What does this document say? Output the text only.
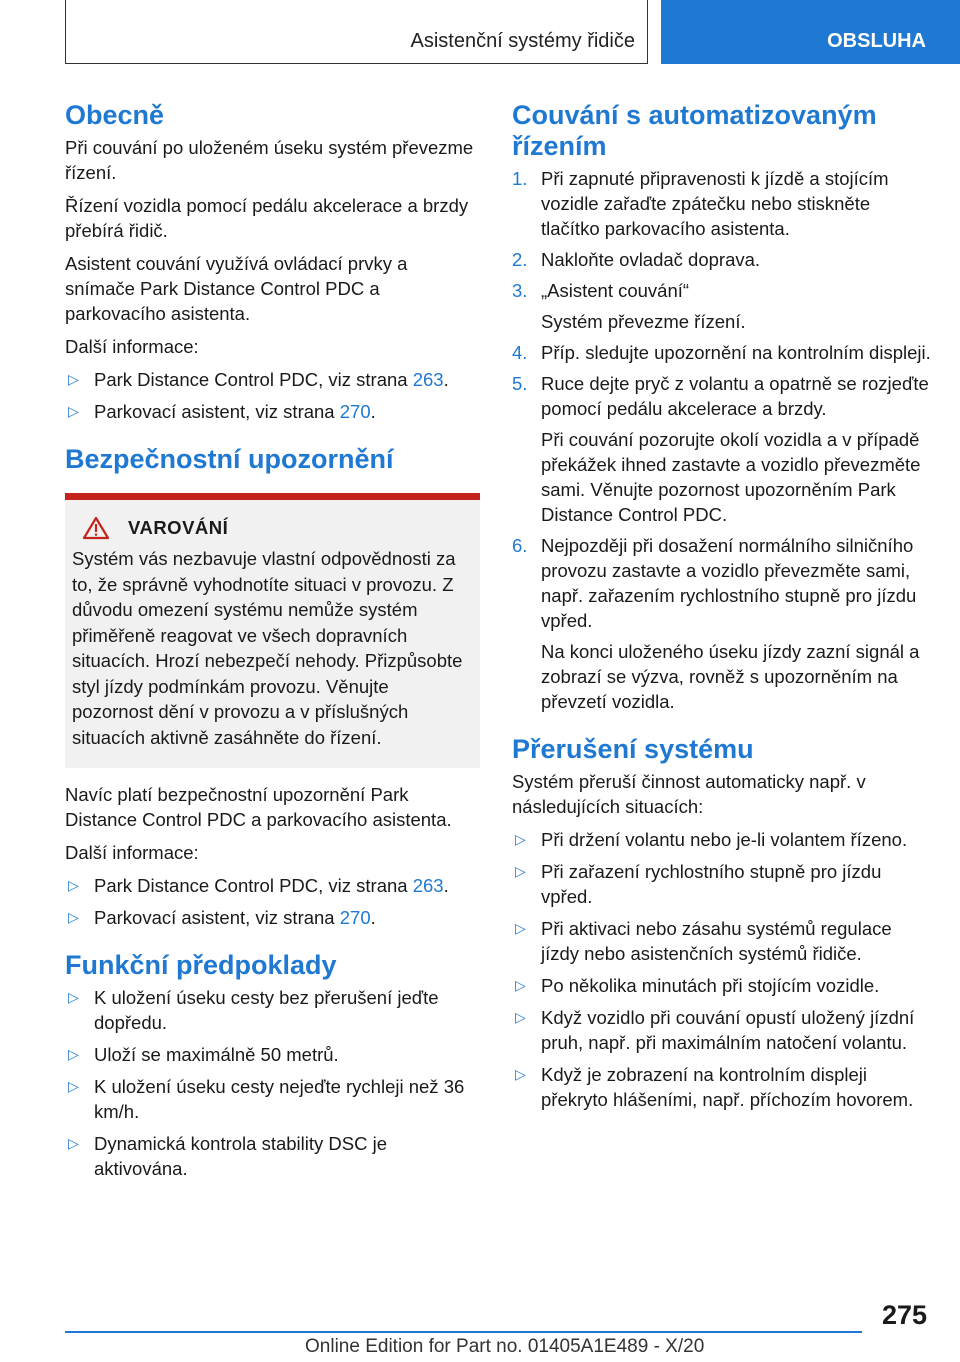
Asistenční systémy řidiče	OBSLUHA
Obecně

Při couvání po uloženém úseku systém převezme řízení.

Řízení vozidla pomocí pedálu akcelerace a brzdy přebírá řidič.

Asistent couvání využívá ovládací prvky a snímače Park Distance Control PDC a parkovacího asistenta.

Další informace:

▷ Park Distance Control PDC, viz strana 263.
▷ Parkovací asistent, viz strana 270.
Bezpečnostní upozornění
VAROVÁNÍ

Systém vás nezbavuje vlastní odpovědnosti za to, že správně vyhodnotíte situaci v provozu. Z důvodu omezení systému nemůže systém přiměřeně reagovat ve všech dopravních situacích. Hrozí nebezpečí nehody. Přizpůsobte styl jízdy podmínkám provozu. Věnujte pozornost dění v provozu a v příslušných situacích aktivně zasáhněte do řízení.

Navíc platí bezpečnostní upozornění Park Distance Control PDC a parkovacího asistenta.

Další informace:

▷ Park Distance Control PDC, viz strana 263.
▷ Parkovací asistent, viz strana 270.
Funkční předpoklady
▷ K uložení úseku cesty bez přerušení jeďte dopředu.
▷ Uloží se maximálně 50 metrů.
▷ K uložení úseku cesty nejeďte rychleji než 36 km/h.
▷ Dynamická kontrola stability DSC je aktivována.
Couvání s automatizovaným řízením
1. Při zapnuté připravenosti k jízdě a stojícím vozidle zařaďte zpátečku nebo stiskněte tlačítko parkovacího asistenta.
2. Nakloňte ovladač doprava.
3. „Asistent couvání“
Systém převezme řízení.
4. Příp. sledujte upozornění na kontrolním displeji.
5. Ruce dejte pryč z volantu a opatrně se rozjeďte pomocí pedálu akcelerace a brzdy.
Při couvání pozorujte okolí vozidla a v případě překážek ihned zastavte a vozidlo převezměte sami. Věnujte pozornost upozorněním Park Distance Control PDC.
6. Nejpozději při dosažení normálního silničního provozu zastavte a vozidlo převezměte sami, např. zařazením rychlostního stupně pro jízdu vpřed.
Na konci uloženého úseku jízdy zazní signál a zobrazí se výzva, rovněž s upozorněním na převzetí vozidla.
Přerušení systému

Systém přeruší činnost automaticky např. v následujících situacích:

▷ Při držení volantu nebo je-li volantem řízeno.
▷ Při zařazení rychlostního stupně pro jízdu vpřed.
▷ Při aktivaci nebo zásahu systémů regulace jízdy nebo asistenčních systémů řidiče.
▷ Po několika minutách při stojícím vozidle.
▷ Když vozidlo při couvání opustí uložený jízdní pruh, např. při maximálním natočení volantu.
▷ Když je zobrazení na kontrolním displeji překryto hlášeními, např. příchozím hovorem.
275
Online Edition for Part no. 01405A1E489 - X/20
